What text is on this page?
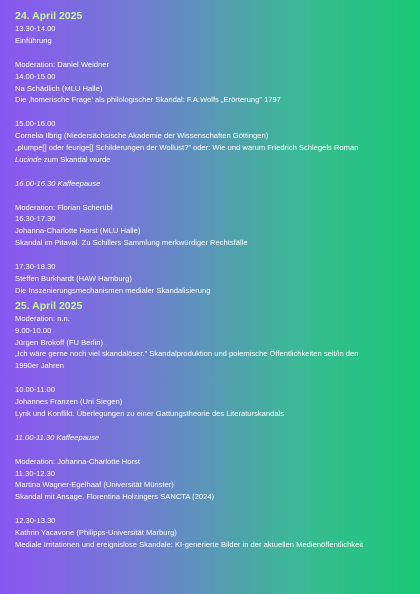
24. April 2025
13.30-14.00
Einführung
Moderation: Daniel Weidner
14.00-15.00
Na Schädlich (MLU Halle)
Die ‚homerische Frage’ als philologischer Skandal: F.A.Wolfs „Erörterung” 1797
15.00-16.00
Cornelia Ilbrig (Niedersächsische Akademie der Wissenschaften Göttingen)
„plumpe[] oder feurige[] Schilderungen der Wollust?” oder: Wie und warum Friedrich Schlegels Roman
Lucinde zum Skandal wurde
16.00-16.30 Kaffeepause
Moderation: Florian Scherübl
16.30-17.30
Johanna-Charlotte Horst (MLU Halle)
Skandal im Pitaval. Zu Schillers Sammlung merkwürdiger Rechtsfälle
17.30-18.30
Steffen Burkhardt (HAW Hamburg)
Die Inszenierungsmechanismen medialer Skandalisierung
25. April 2025
Moderation: n.n.
9.00-10.00
Jürgen Brokoff (FU Berlin)
„Ich wäre gerne noch viel skandalöser.” Skandalproduktion und polemische Öffentlichkeiten seit/in den
1990er Jahren
10.00-11.00
Johannes Franzen (Uni Siegen)
Lyrik und Konflikt. Überlegungen zu einer Gattungstheorie des Literaturskandals
11.00-11.30 Kaffeepause
Moderation: Johanna-Charlotte Horst
11.30-12.30
Martina Wagner-Egelhaaf (Universität Münster)
Skandal mit Ansage. Florentina Holzingers SANCTA (2024)
12.30-13.30
Kathrin Yacavone (Philipps-Universität Marburg)
Mediale Irritationen und ereignislose Skandale: KI-generierte Bilder in der aktuellen Medienöffentlichkeit
